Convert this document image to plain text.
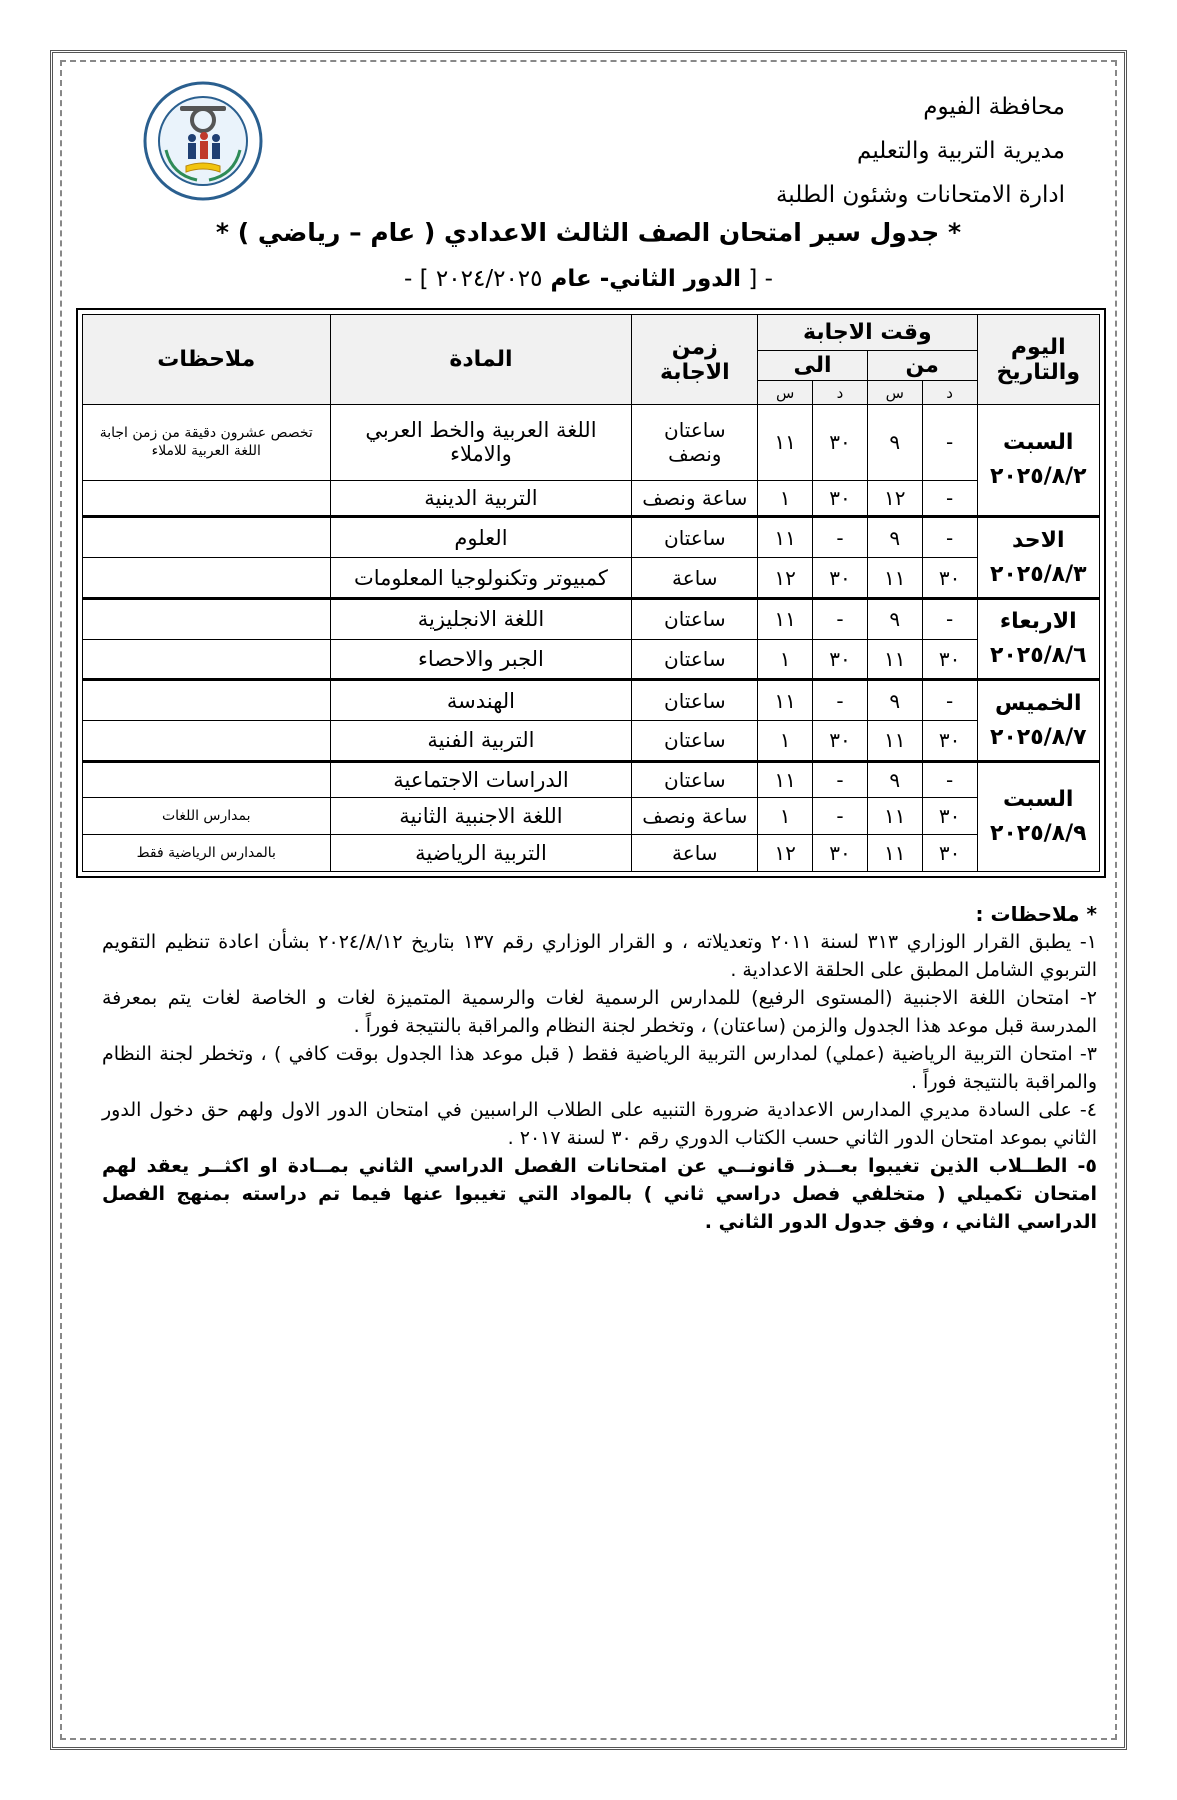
محافظة الفيوم
مديرية التربية والتعليم
ادارة الامتحانات وشئون الطلبة
* جدول سير امتحان الصف الثالث الاعدادي ( عام – رياضي ) *
- [ الدور الثاني- عام ٢٠٢٤/٢٠٢٥ ] -
اليوم والتاريخ	وقت الاجابة				زمن الاجابة	المادة	ملاحظات
	من		الى				
	د	س	د	س			

السبت
٢٠٢٥/٨/٢	-	٩	٣٠	١١	ساعتان ونصف	اللغة العربية والخط العربي والاملاء	تخصص عشرون دقيقة من زمن اجابة اللغة العربية للاملاء
	-	١٢	٣٠	١	ساعة ونصف	التربية الدينية	

الاحد
٢٠٢٥/٨/٣	-	٩	-	١١	ساعتان	العلوم	
	٣٠	١١	٣٠	١٢	ساعة	كمبيوتر وتكنولوجيا المعلومات	

الاربعاء
٢٠٢٥/٨/٦	-	٩	-	١١	ساعتان	اللغة الانجليزية	
	٣٠	١١	٣٠	١	ساعتان	الجبر والاحصاء	

الخميس
٢٠٢٥/٨/٧	-	٩	-	١١	ساعتان	الهندسة	
	٣٠	١١	٣٠	١	ساعتان	التربية الفنية	

السبت
٢٠٢٥/٨/٩	-	٩	-	١١	ساعتان	الدراسات الاجتماعية	
	٣٠	١١	-	١	ساعة ونصف	اللغة الاجنبية الثانية	بمدارس اللغات
	٣٠	١١	٣٠	١٢	ساعة	التربية الرياضية	بالمدارس الرياضية فقط
* ملاحظات :
١- يطبق القرار الوزاري ٣١٣ لسنة ٢٠١١ وتعديلاته ، و القرار الوزاري رقم ١٣٧ بتاريخ ٢٠٢٤/٨/١٢ بشأن اعادة تنظيم التقويم التربوي الشامل المطبق على الحلقة الاعدادية .
٢- امتحان اللغة الاجنبية (المستوى الرفيع) للمدارس الرسمية لغات والرسمية المتميزة لغات و الخاصة لغات يتم بمعرفة المدرسة قبل موعد هذا الجدول والزمن (ساعتان) ، وتخطر لجنة النظام والمراقبة بالنتيجة فوراً .
٣- امتحان التربية الرياضية (عملي) لمدارس التربية الرياضية فقط ( قبل موعد هذا الجدول بوقت كافي ) ، وتخطر لجنة النظام والمراقبة بالنتيجة فوراً .
٤- على السادة مديري المدارس الاعدادية ضرورة التنبيه على الطلاب الراسبين في امتحان الدور الاول ولهم حق دخول الدور الثاني بموعد امتحان الدور الثاني حسب الكتاب الدوري رقم ٣٠ لسنة ٢٠١٧ .
٥- الطــلاب الذين تغيبوا بعــذر قانونــي عن امتحانات الفصل الدراسي الثاني بمــادة او اكثــر يعقد لهم امتحان تكميلي ( متخلفي فصل دراسي ثاني ) بالمواد التي تغيبوا عنها فيما تم دراسته بمنهج الفصل الدراسي الثاني ، وفق جدول الدور الثاني .
